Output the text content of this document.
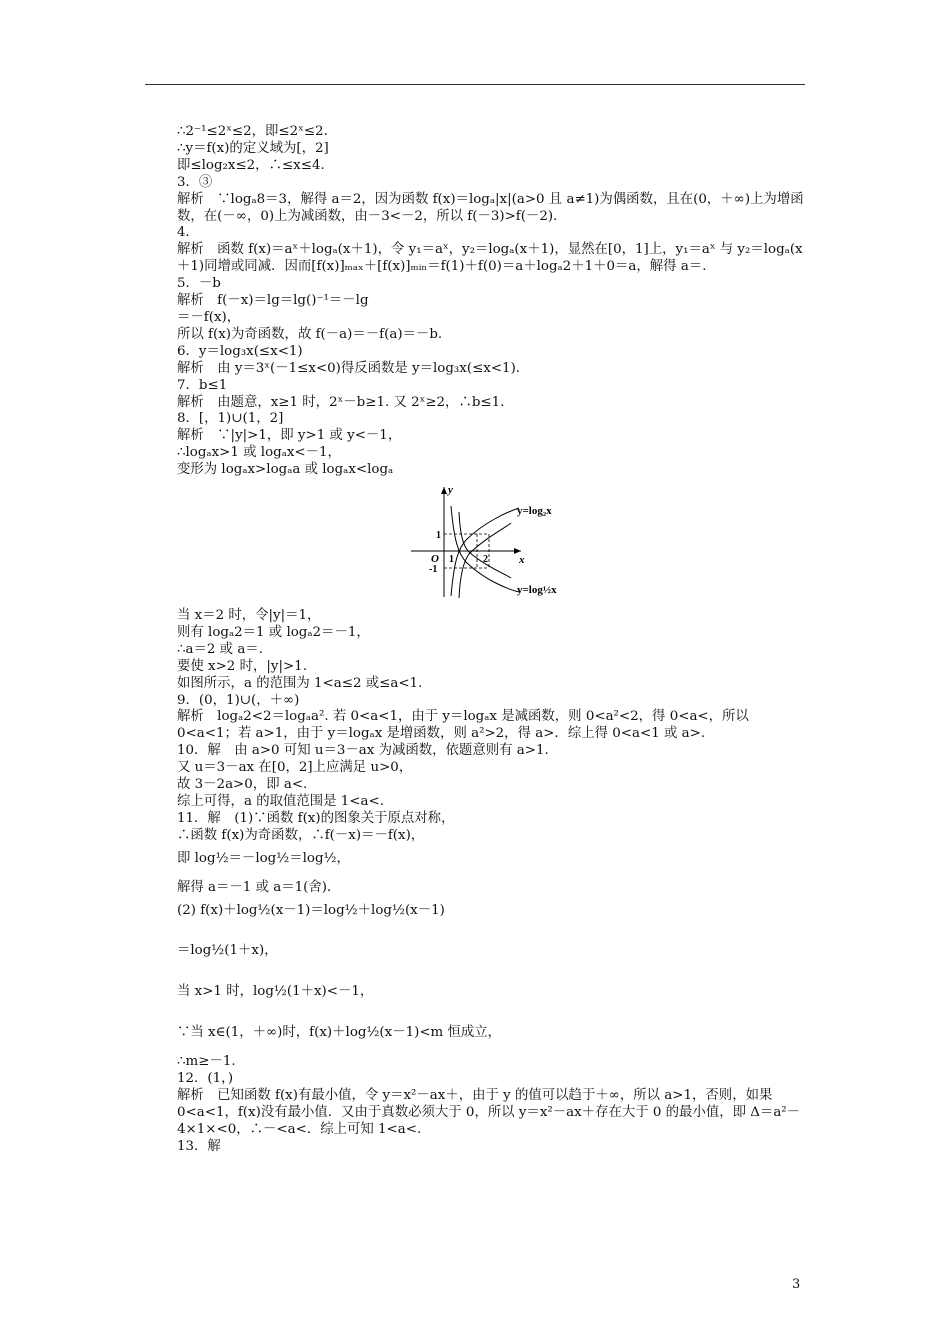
∴2⁻¹≤2ˣ≤2，即≤2ˣ≤2.
∴y＝f(x)的定义域为[，2]
即≤log₂x≤2，∴≤x≤4.
3．③
解析　∵logₐ8＝3，解得 a＝2，因为函数 f(x)＝logₐ|x|(a>0 且 a≠1)为偶函数，且在(0，＋∞)上为增函数，在(－∞，0)上为减函数，由－3<－2，所以 f(－3)>f(－2)．
4．
解析　函数 f(x)＝aˣ＋logₐ(x＋1)，令 y₁＝aˣ，y₂＝logₐ(x＋1)，显然在[0，1]上，y₁＝aˣ 与 y₂＝logₐ(x＋1)同增或同减．因而[f(x)]ₘₐₓ＋[f(x)]ₘᵢₙ＝f(1)＋f(0)＝a＋logₐ2＋1＋0＝a，解得 a＝.
5．－b
解析　f(－x)＝lg＝lg()⁻¹＝－lg
＝－f(x)，
所以 f(x)为奇函数，故 f(－a)＝－f(a)＝－b.
6．y＝log₃x(≤x<1)
解析　由 y＝3ˣ(－1≤x<0)得反函数是 y＝log₃x(≤x<1)．
7．b≤1
解析　由题意，x≥1 时，2ˣ－b≥1. 又 2ˣ≥2，∴b≤1.
8．[，1)∪(1，2]
解析　∵|y|>1，即 y>1 或 y<－1，
∴logₐx>1 或 logₐx<－1，
变形为 logₐx>logₐa 或 logₐx<logₐ
y=log₂x
y=log½x
x
y
O 1	2
1
-1
当 x＝2 时，令|y|＝1，
则有 logₐ2＝1 或 logₐ2＝－1，
∴a＝2 或 a＝.
要使 x>2 时，|y|>1.
如图所示，a 的范围为 1<a≤2 或≤a<1.
9．(0，1)∪(，＋∞)
解析　logₐ2<2＝logₐa². 若 0<a<1，由于 y＝logₐx 是减函数，则 0<a²<2，得 0<a<，所以 0<a<1；若 a>1，由于 y＝logₐx 是增函数，则 a²>2，得 a>．综上得 0<a<1 或 a>.
10．解　由 a>0 可知 u＝3－ax 为减函数，依题意则有 a>1.
又 u＝3－ax 在[0，2]上应满足 u>0，
故 3－2a>0，即 a<.
综上可得，a 的取值范围是 1<a<.
11．解　(1)∵函数 f(x)的图象关于原点对称，
∴函数 f(x)为奇函数，∴f(－x)＝－f(x)，
即 log½＝－log½＝log½，
解得 a＝－1 或 a＝1(舍)．
(2) f(x)＋log½(x－1)＝log½＋log½(x－1)
＝log½(1＋x)，
当 x>1 时，log½(1＋x)<－1，
∵当 x∈(1，＋∞)时，f(x)＋log½(x－1)<m 恒成立，
∴m≥－1.
12．(1，)
解析　已知函数 f(x)有最小值，令 y＝x²－ax＋，由于 y 的值可以趋于＋∞，所以 a>1，否则，如果 0<a<1，f(x)没有最小值．又由于真数必须大于 0，所以 y＝x²－ax＋存在大于 0 的最小值，即 Δ＝a²－4×1×<0，∴－<a<．综上可知 1<a<.
13．解
3
